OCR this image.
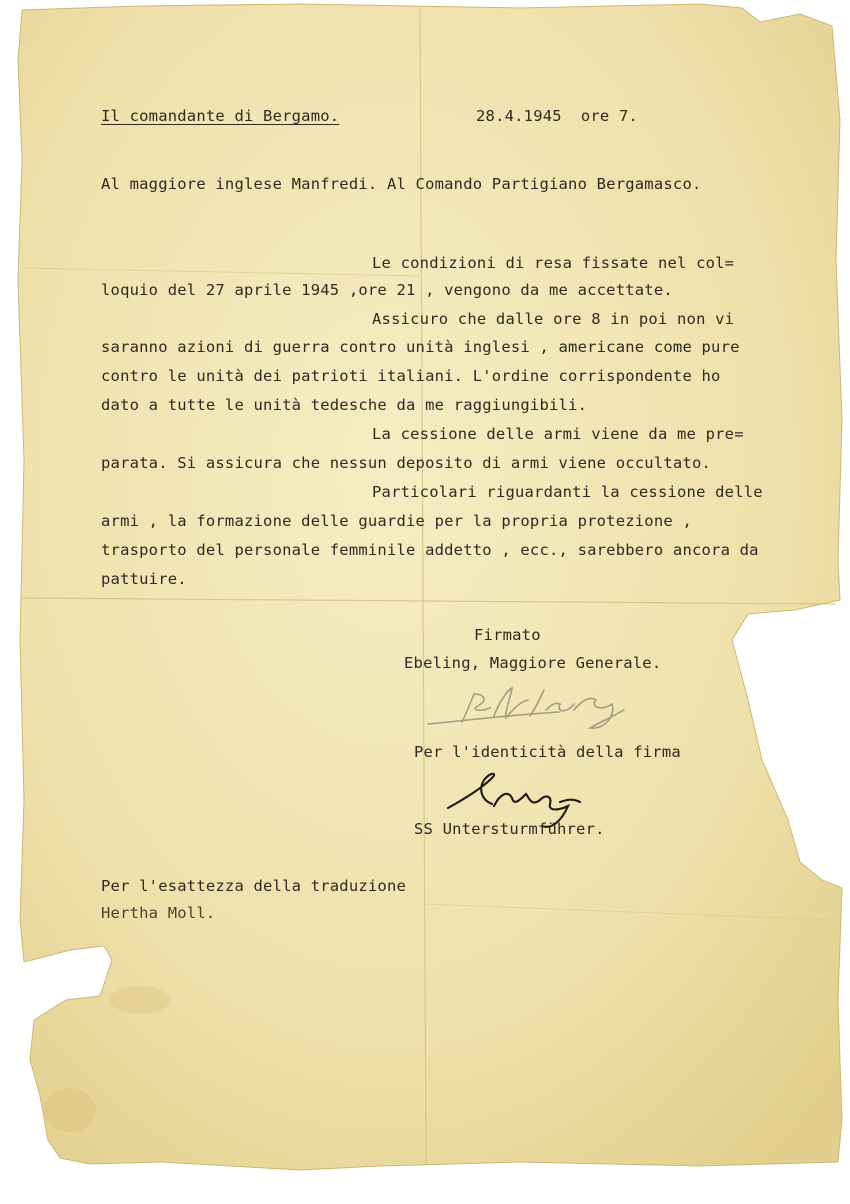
Il comandante di Bergamo.	28.4.1945  ore 7.
Al maggiore inglese Manfredi. Al Comando Partigiano Bergamasco.
Le condizioni di resa fissate nel col=
loquio del 27 aprile 1945 ,ore 21 , vengono da me accettate.
Assicuro che dalle ore 8 in poi non vi
saranno azioni di guerra contro unità inglesi , americane come pure
contro le unità dei patrioti italiani. L'ordine corrispondente ho
dato a tutte le unità tedesche da me raggiungibili.
La cessione delle armi viene da me pre=
parata. Si assicura che nessun deposito di armi viene occultato.
Particolari riguardanti la cessione delle
armi , la formazione delle guardie per la propria protezione ,
trasporto del personale femminile addetto , ecc., sarebbero ancora da
pattuire.
Firmato
Ebeling, Maggiore Generale.
Per l'identicità della firma
SS Untersturmführer.
Per l'esattezza della traduzione
Hertha Moll.
